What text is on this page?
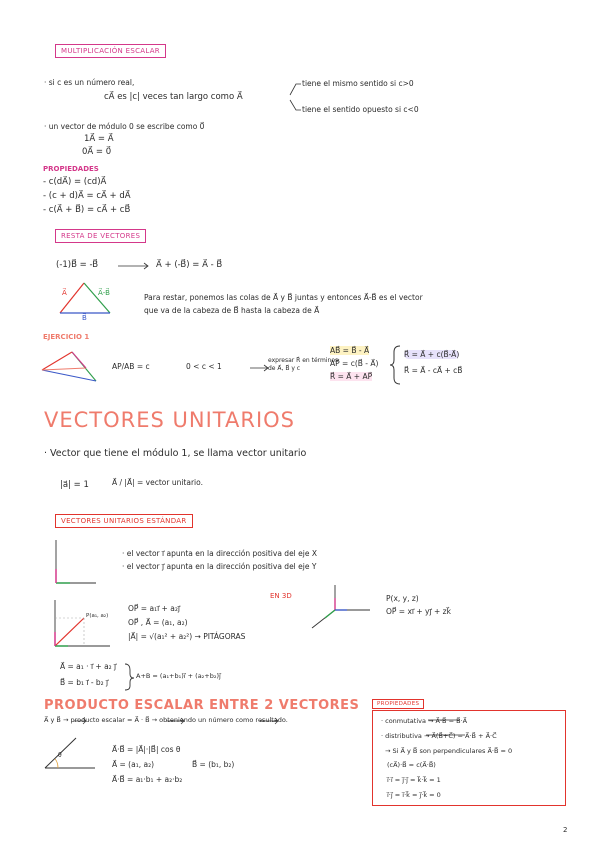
MULTIPLICACIÓN ESCALAR
· si c es un número real,
cA⃗ es |c| veces tan largo como A⃗
tiene el mismo sentido si c>0
tiene el sentido opuesto si c<0
· un vector de módulo 0 se escribe como 0⃗
1A⃗ = A⃗
0A⃗ = 0⃗
PROPIEDADES
- c(dA⃗) = (cd)A⃗
- (c + d)A⃗ = cA⃗ + dA⃗
- c(A⃗ + B⃗) = cA⃗ + cB⃗
RESTA DE VECTORES
(-1)B⃗ = -B⃗	A⃗ + (-B⃗) = A⃗ - B⃗
A⃗	A⃗-B⃗
B⃗
Para restar, ponemos las colas de A⃗ y B⃗ juntas y entonces A⃗-B⃗ es el vector
que va de la cabeza de B⃗ hasta la cabeza de A⃗
EJERCICIO 1
AP/AB = c	0 < c < 1
expresar R⃗ en términos
de A⃗, B⃗ y c
AB⃗ = B⃗ - A⃗
AP⃗ = c(B⃗ - A⃗)
R⃗ = A⃗ + AP⃗
R⃗ = A⃗ + c(B⃗-A⃗)
R⃗ = A⃗ - cA⃗ + cB⃗
VECTORES UNITARIOS
· Vector que tiene el módulo 1, se llama vector unitario
|a⃗| = 1	A⃗ / |A⃗| = vector unitario.
VECTORES UNITARIOS ESTÁNDAR
· el vector i⃗ apunta en la dirección positiva del eje X
· el vector j⃗ apunta en la dirección positiva del eje Y
P(a₁, a₂)
OP⃗ = a₁i⃗ + a₂j⃗
OP⃗ , A⃗ = (a₁, a₂)
|A⃗| = √(a₁² + a₂²) → PITÁGORAS
EN 3D	P(x, y, z)
OP⃗ = xi⃗ + yj⃗ + zk⃗
A⃗ = a₁ · i⃗ + a₂ j⃗
B⃗ = b₁ i⃗ - b₂ j⃗
A+B = (a₁+b₁)i⃗ + (a₂+b₂)j⃗
PRODUCTO ESCALAR ENTRE 2 VECTORES
A⃗ y B⃗ → producto escalar = A⃗ · B⃗ → obteniendo un número como resultado.
θ
A⃗·B⃗ = |A⃗|·|B⃗| cos θ
A⃗ = (a₁, a₂)	B⃗ = (b₁, b₂)
A⃗·B⃗ = a₁·b₁ + a₂·b₂
PROPIEDADES
· conmutativa → A⃗·B⃗ = B⃗·A⃗
· distributiva → A⃗(B⃗+C⃗) = A⃗·B⃗ + A⃗·C⃗
→ Si A⃗ y B⃗ son perpendiculares A⃗·B⃗ = 0
(cA⃗)·B⃗ = c(A⃗·B⃗)
i⃗·i⃗ = j⃗·j⃗ = k⃗·k⃗ = 1
i⃗·j⃗ = i⃗·k⃗ = j⃗·k⃗ = 0
2
